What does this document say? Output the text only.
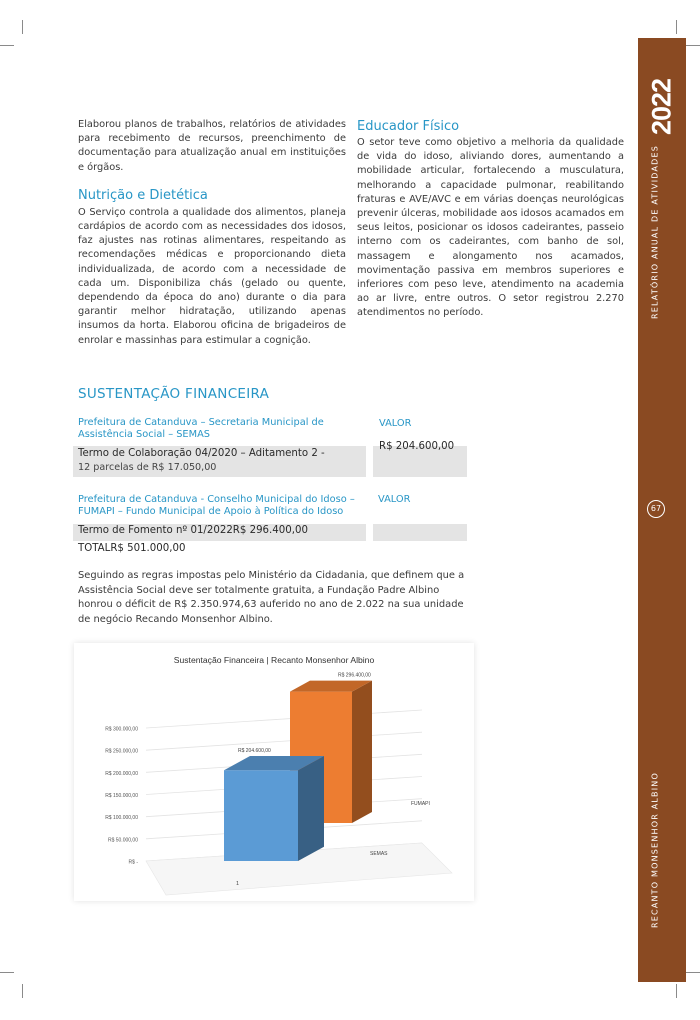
2022
RELATÓRIO ANUAL DE ATIVIDADES
67
RECANTO MONSENHOR ALBINO

Elaborou planos de trabalhos, relatórios de atividades para recebimento de recursos, preenchimento de documentação para atualização anual em instituições e órgãos.

Nutrição e Dietética

O Serviço controla a qualidade dos alimentos, planeja cardápios de acordo com as necessidades dos idosos, faz ajustes nas rotinas alimentares, respeitando as recomendações médicas e proporcionando dieta individualizada, de acordo com a necessidade de cada um. Disponibiliza chás (gelado ou quente, dependendo da época do ano) durante o dia para garantir melhor hidratação, utilizando apenas insumos da horta. Elaborou oficina de brigadeiros de enrolar e massinhas para estimular a cognição.

Educador Físico

O setor teve como objetivo a melhoria da qualidade de vida do idoso, aliviando dores, aumentando a mobilidade articular, fortalecendo a musculatura, melhorando a capacidade pulmonar, reabilitando fraturas e AVE/AVC e em várias doenças neurológicas prevenir úlceras, mobilidade aos idosos acamados em seus leitos, posicionar os idosos cadeirantes, passeio interno com os cadeirantes, com banho de sol, massagem e alongamento nos acamados, movimentação passiva em membros superiores e inferiores com peso leve, atendimento na academia ao ar livre, entre outros. O setor registrou 2.270 atendimentos no período.

SUSTENTAÇÃO FINANCEIRA
Prefeitura de Catanduva – Secretaria Municipal de
Assistência Social – SEMAS
VALOR
Termo de Colaboração 04/2020 – Aditamento 2 -
12 parcelas de R$ 17.050,00
R$ 204.600,00
Prefeitura de Catanduva - Conselho Municipal do Idoso –
FUMAPI – Fundo Municipal de Apoio à Política do Idoso
VALOR
Termo de Fomento nº 01/2022R$ 296.400,00
TOTALR$ 501.000,00
Seguindo as regras impostas pelo Ministério da Cidadania, que definem que a Assistência Social deve ser totalmente gratuita, a Fundação Padre Albino honrou o déficit de R$ 2.350.974,63 auferido no ano de 2.022 na sua unidade de negócio Recando Monsenhor Albino.
Sustentação Financeira | Recanto Monsenhor Albino
R$ 300.000,00
R$ 250.000,00
R$ 200.000,00
R$ 150.000,00
R$ 100.000,00
R$ 50.000,00
R$ -
R$ 296.400,00
R$ 204.600,00
SEMAS
FUMAPI
1
